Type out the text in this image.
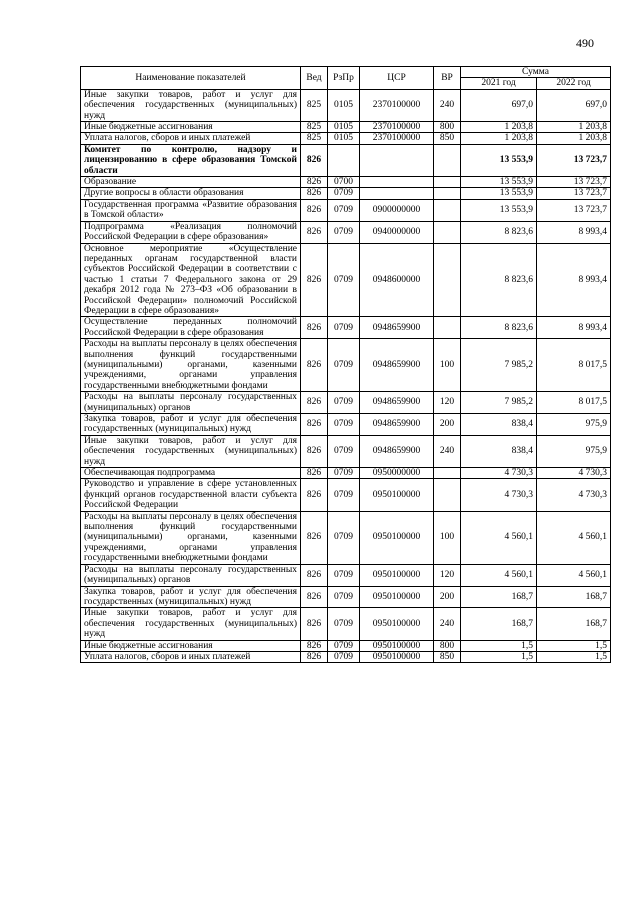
490
Наименование показателей	Вед	РзПр	ЦСР	ВР	Сумма	
					2021 год	2022 год
Иные закупки товаров, работ и услуг для обеспечения государственных (муниципальных) нужд	825	0105	2370100000	240	697,0	697,0
Иные бюджетные ассигнования	825	0105	2370100000	800	1 203,8	1 203,8
Уплата налогов, сборов и иных платежей	825	0105	2370100000	850	1 203,8	1 203,8
Комитет по контролю, надзору и лицензированию в сфере образования Томской области	826				13 553,9	13 723,7
Образование	826	0700			13 553,9	13 723,7
Другие вопросы в области образования	826	0709			13 553,9	13 723,7
Государственная программа «Развитие образования в Томской области»	826	0709	0900000000		13 553,9	13 723,7
Подпрограмма «Реализация полномочий Российской Федерации в сфере образования»	826	0709	0940000000		8 823,6	8 993,4
Основное мероприятие «Осуществление переданных органам государственной власти субъектов Российской Федерации в соответствии с частью 1 статьи 7 Федерального закона от 29 декабря 2012 года № 273–ФЗ «Об образовании в Российской Федерации» полномочий Российской Федерации в сфере образования»	826	0709	0948600000		8 823,6	8 993,4
Осуществление переданных полномочий Российской Федерации в сфере образования	826	0709	0948659900		8 823,6	8 993,4
Расходы на выплаты персоналу в целях обеспечения выполнения функций государственными (муниципальными) органами, казенными учреждениями, органами управления государственными внебюджетными фондами	826	0709	0948659900	100	7 985,2	8 017,5
Расходы на выплаты персоналу государственных (муниципальных) органов	826	0709	0948659900	120	7 985,2	8 017,5
Закупка товаров, работ и услуг для обеспечения государственных (муниципальных) нужд	826	0709	0948659900	200	838,4	975,9
Иные закупки товаров, работ и услуг для обеспечения государственных (муниципальных) нужд	826	0709	0948659900	240	838,4	975,9
Обеспечивающая подпрограмма	826	0709	0950000000		4 730,3	4 730,3
Руководство и управление в сфере установленных функций органов государственной власти субъекта Российской Федерации	826	0709	0950100000		4 730,3	4 730,3
Расходы на выплаты персоналу в целях обеспечения выполнения функций государственными (муниципальными) органами, казенными учреждениями, органами управления государственными внебюджетными фондами	826	0709	0950100000	100	4 560,1	4 560,1
Расходы на выплаты персоналу государственных (муниципальных) органов	826	0709	0950100000	120	4 560,1	4 560,1
Закупка товаров, работ и услуг для обеспечения государственных (муниципальных) нужд	826	0709	0950100000	200	168,7	168,7
Иные закупки товаров, работ и услуг для обеспечения государственных (муниципальных) нужд	826	0709	0950100000	240	168,7	168,7
Иные бюджетные ассигнования	826	0709	0950100000	800	1,5	1,5
Уплата налогов, сборов и иных платежей	826	0709	0950100000	850	1,5	1,5
